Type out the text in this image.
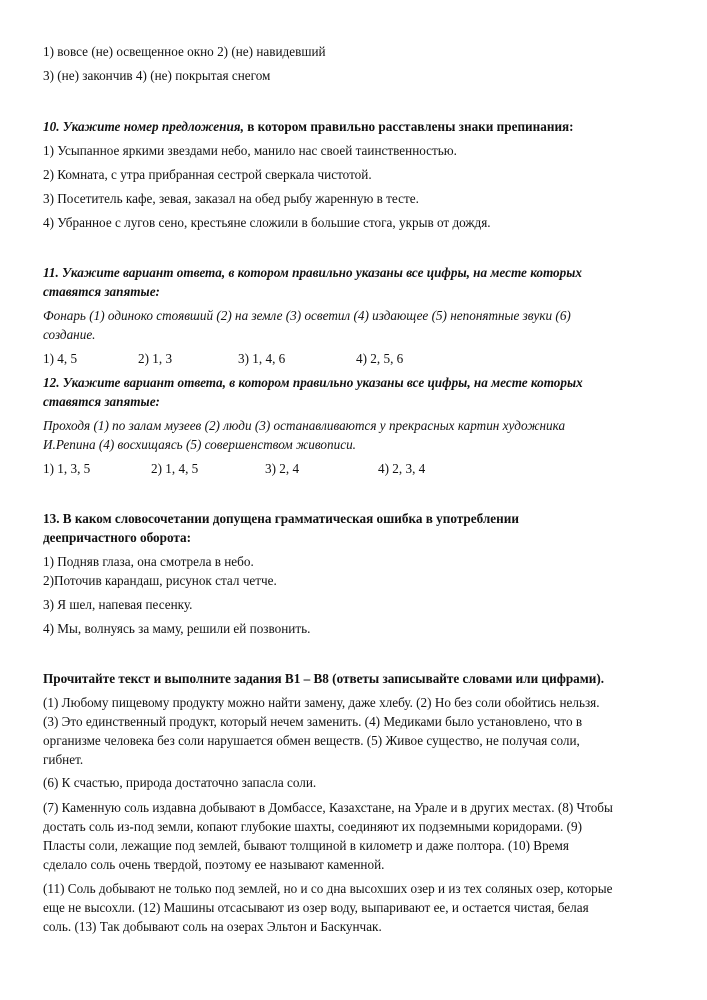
1) вовсе (не) освещенное окно 2) (не) навидевший
3) (не) закончив 4) (не) покрытая снегом
10. Укажите номер предложения, в котором правильно расставлены знаки препинания:
1) Усыпанное яркими звездами небо, манило нас своей таинственностью.
2) Комната, с утра прибранная сестрой сверкала чистотой.
3) Посетитель кафе, зевая, заказал на обед рыбу жаренную в тесте.
4) Убранное с лугов сено, крестьяне сложили в большие стога, укрыв от дождя.
11. Укажите вариант ответа, в котором правильно указаны все цифры, на месте которых
ставятся запятые:
Фонарь (1) одиноко стоявший (2) на земле (3) осветил (4) издающее (5) непонятные звуки (6)
создание.
1) 4, 5	2) 1, 3	3) 1, 4, 6	4) 2, 5, 6
12. Укажите вариант ответа, в котором правильно указаны все цифры, на месте которых
ставятся запятые:
Проходя (1) по залам музеев (2) люди (3) останавливаются у прекрасных картин художника
И.Репина (4) восхищаясь (5) совершенством живописи.
1) 1, 3, 5	2) 1, 4, 5	3) 2, 4	4) 2, 3, 4
13. В каком словосочетании допущена грамматическая ошибка в употреблении
деепричастного оборота:
1) Подняв глаза, она смотрела в небо.
2)Поточив карандаш, рисунок стал четче.
3) Я шел, напевая песенку.
4) Мы, волнуясь за маму, решили ей позвонить.
Прочитайте текст и выполните задания В1 – В8 (ответы записывайте словами или цифрами).
(1) Любому пищевому продукту можно найти замену, даже хлебу. (2) Но без соли обойтись нельзя.
(3) Это единственный продукт, который нечем заменить. (4) Медиками было установлено, что в
организме человека без соли нарушается обмен веществ. (5) Живое существо, не получая соли,
гибнет.
(6) К счастью, природа достаточно запасла соли.
(7) Каменную соль издавна добывают в Домбассе, Казахстане, на Урале и в других местах. (8) Чтобы
достать соль из-под земли, копают глубокие шахты, соединяют их подземными коридорами. (9)
Пласты соли, лежащие под землей, бывают толщиной в километр и даже полтора. (10) Время
сделало соль очень твердой, поэтому ее называют каменной.
(11) Соль добывают не только под землей, но и со дна высохших озер и из тех соляных озер, которые
еще не высохли. (12) Машины отсасывают из озер воду, выпаривают ее, и остается чистая, белая
соль. (13) Так добывают соль на озерах Эльтон и Баскунчак.
